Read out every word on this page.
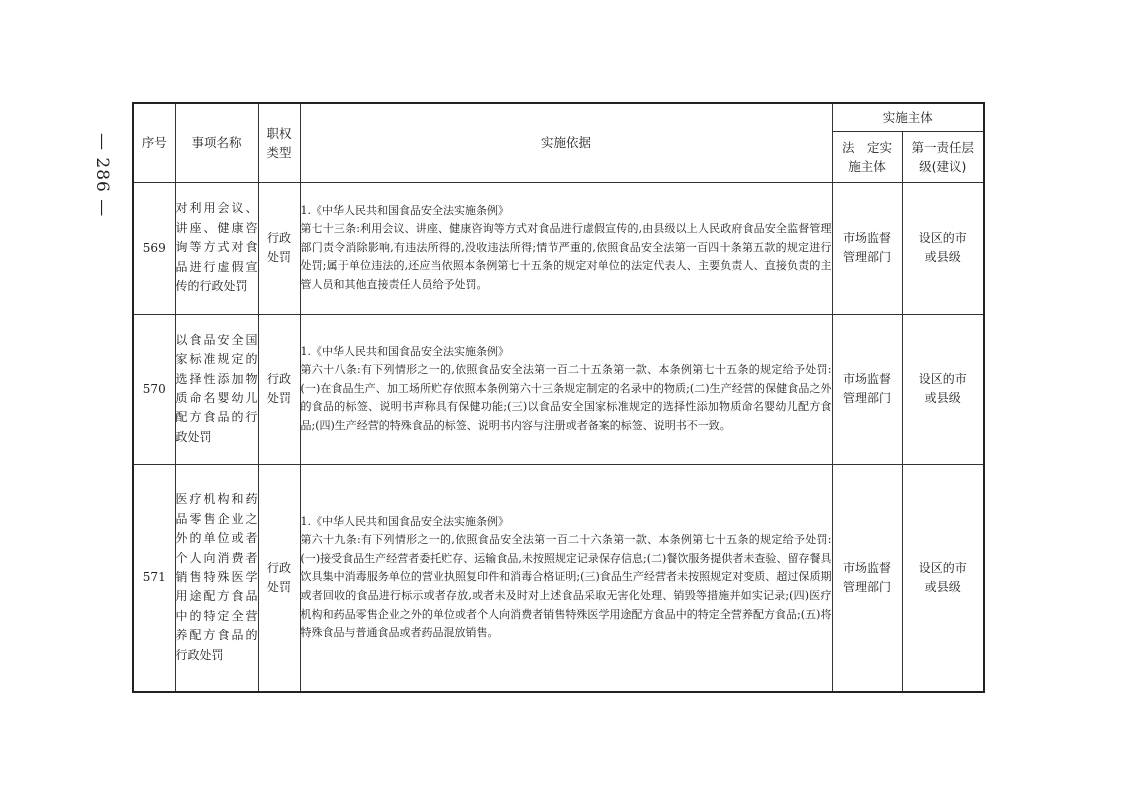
— 286 —	序号	事项名称	职权类型	实施依据	实施主体	

				法　定实施主体	第一责任层级(建议)

569	对利用会议、讲座、健康咨询等方式对食品进行虚假宣传的行政处罚	行政处罚	1.《中华人民共和国食品安全法实施条例》
第七十三条:利用会议、讲座、健康咨询等方式对食品进行虚假宣传的,由县级以上人民政府食品安全监督管理部门责令消除影响,有违法所得的,没收违法所得;情节严重的,依照食品安全法第一百四十条第五款的规定进行处罚;属于单位违法的,还应当依照本条例第七十五条的规定对单位的法定代表人、主要负责人、直接负责的主管人员和其他直接责任人员给予处罚。	市场监督管理部门	设区的市或县级

570	以食品安全国家标准规定的选择性添加物质命名婴幼儿配方食品的行政处罚	行政处罚	1.《中华人民共和国食品安全法实施条例》
第六十八条:有下列情形之一的,依照食品安全法第一百二十五条第一款、本条例第七十五条的规定给予处罚:(一)在食品生产、加工场所贮存依照本条例第六十三条规定制定的名录中的物质;(二)生产经营的保健食品之外的食品的标签、说明书声称具有保健功能;(三)以食品安全国家标准规定的选择性添加物质命名婴幼儿配方食品;(四)生产经营的特殊食品的标签、说明书内容与注册或者备案的标签、说明书不一致。	市场监督管理部门	设区的市或县级

571	医疗机构和药品零售企业之外的单位或者个人向消费者销售特殊医学用途配方食品中的特定全营养配方食品的行政处罚	行政处罚	1.《中华人民共和国食品安全法实施条例》
第六十九条:有下列情形之一的,依照食品安全法第一百二十六条第一款、本条例第七十五条的规定给予处罚:(一)接受食品生产经营者委托贮存、运输食品,未按照规定记录保存信息;(二)餐饮服务提供者未查验、留存餐具饮具集中消毒服务单位的营业执照复印件和消毒合格证明;(三)食品生产经营者未按照规定对变质、超过保质期或者回收的食品进行标示或者存放,或者未及时对上述食品采取无害化处理、销毁等措施并如实记录;(四)医疗机构和药品零售企业之外的单位或者个人向消费者销售特殊医学用途配方食品中的特定全营养配方食品;(五)将特殊食品与普通食品或者药品混放销售。	市场监督管理部门	设区的市或县级
